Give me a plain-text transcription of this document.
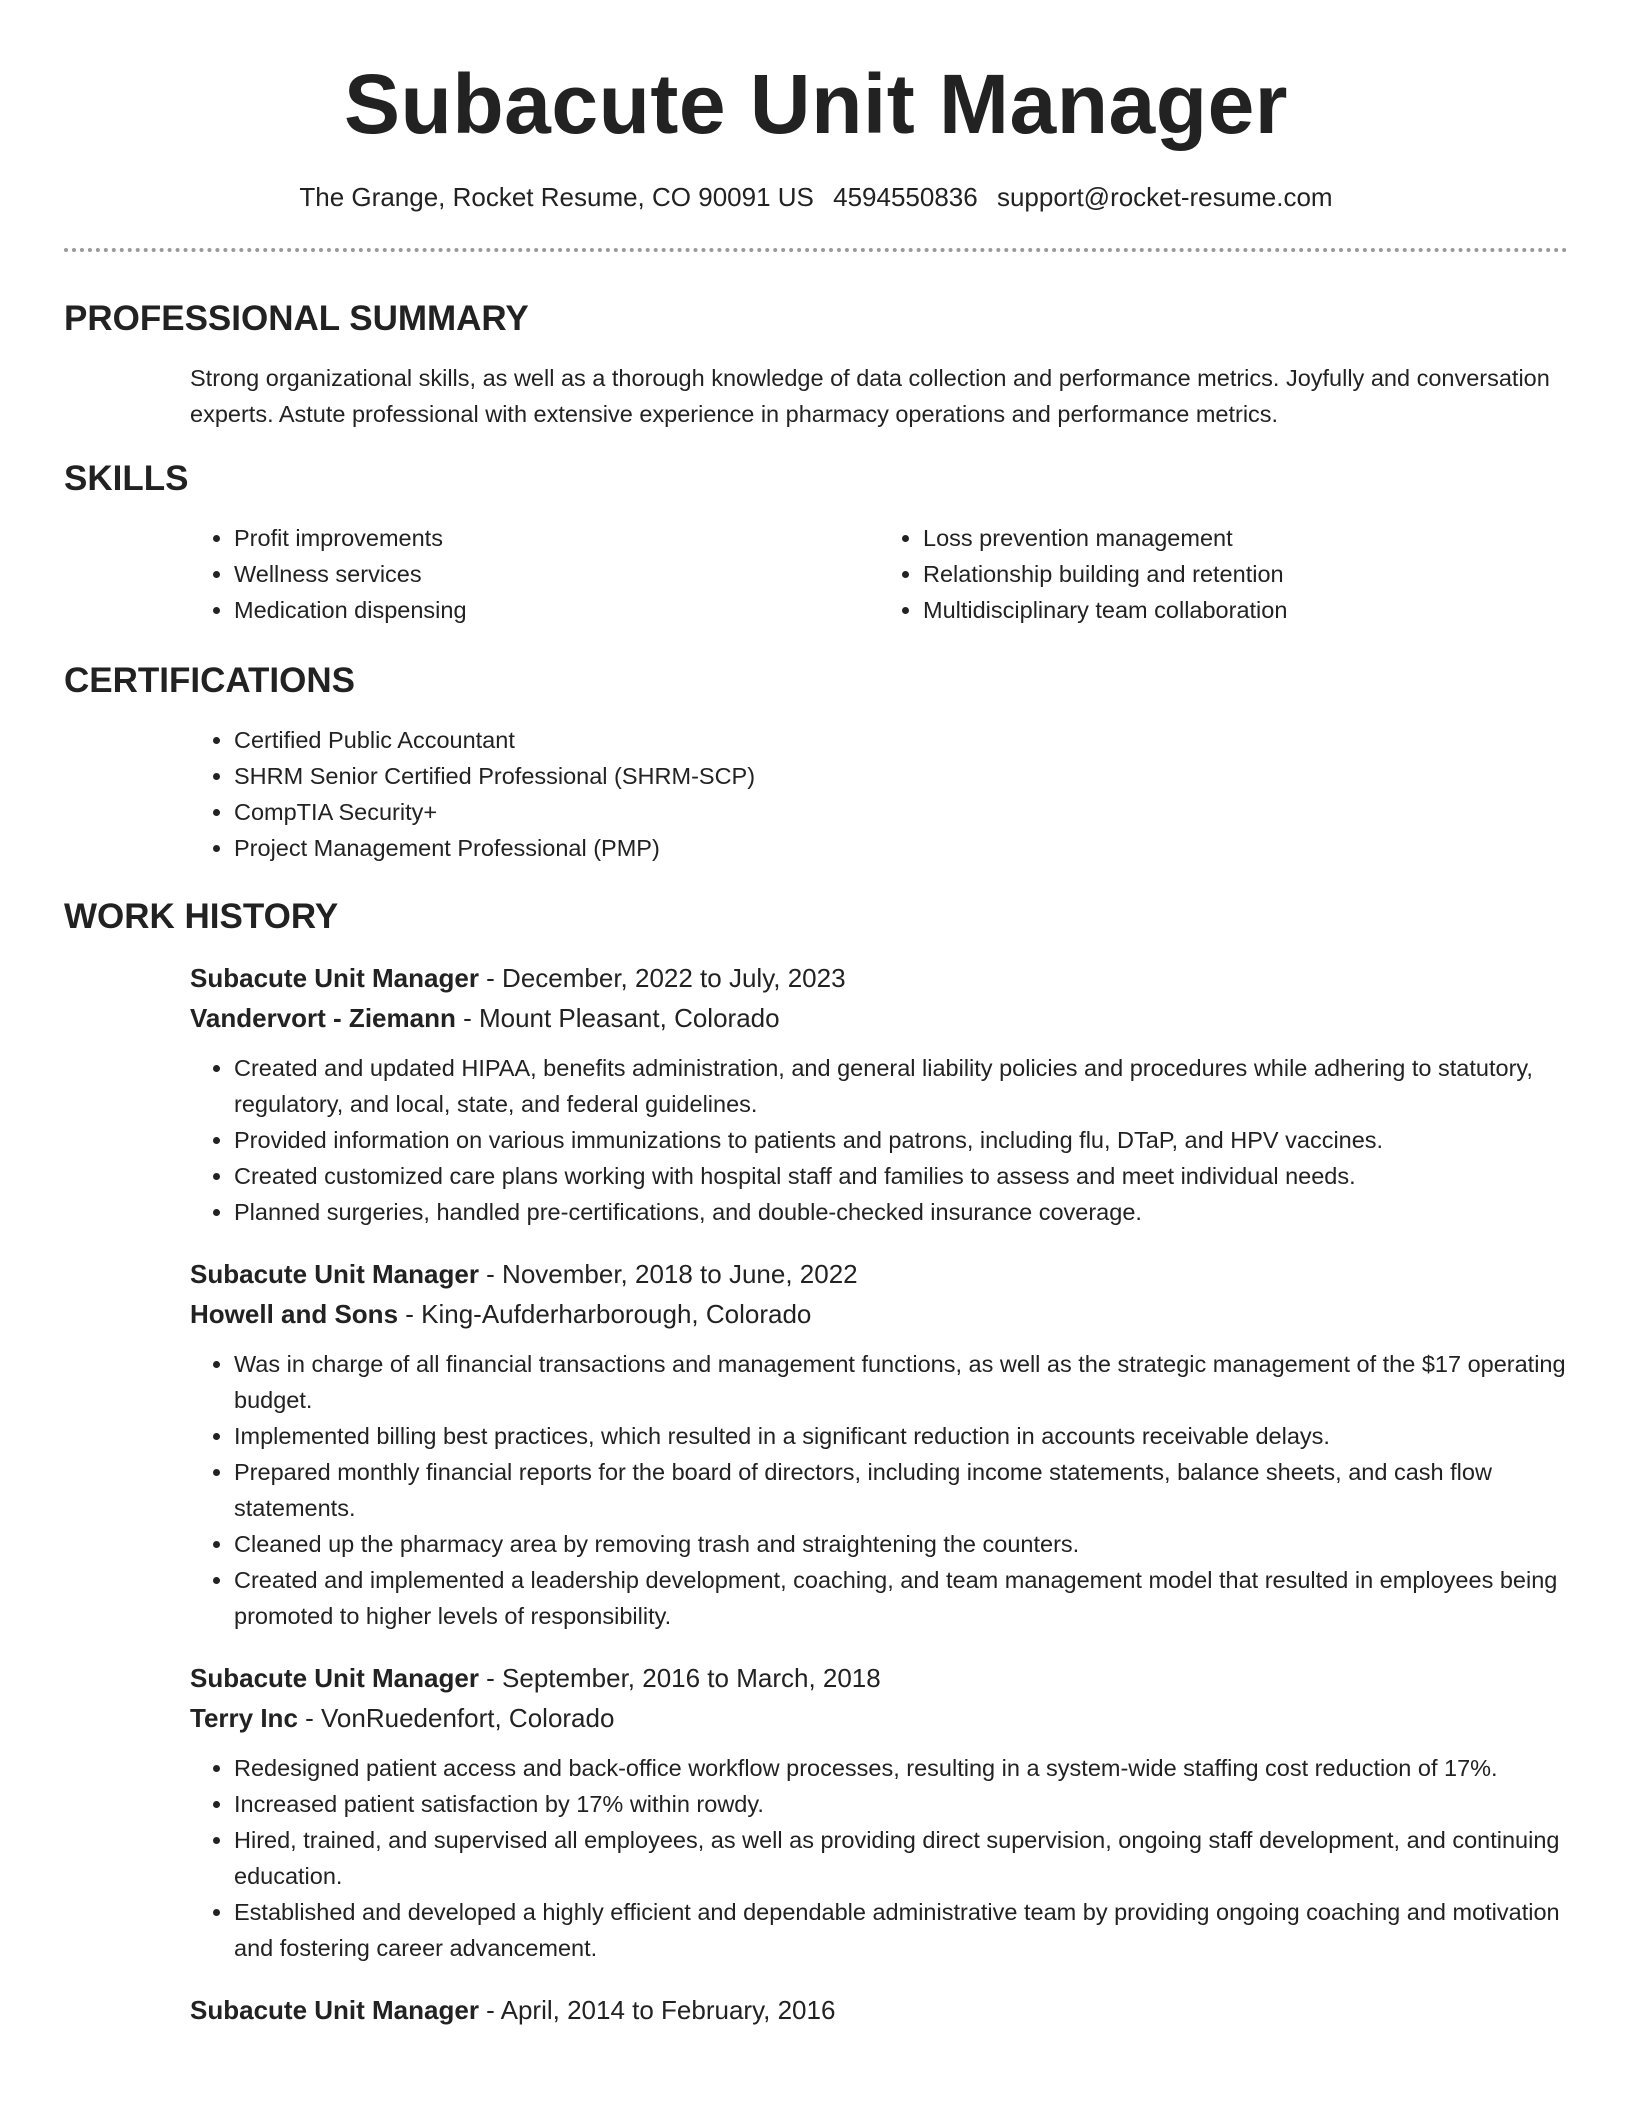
Subacute Unit Manager
The Grange, Rocket Resume, CO 90091 US 4594550836 support@rocket-resume.com
PROFESSIONAL SUMMARY
Strong organizational skills, as well as a thorough knowledge of data collection and performance metrics. Joyfully and conversation experts. Astute professional with extensive experience in pharmacy operations and performance metrics.
SKILLS
• Profit improvements
• Wellness services
• Medication dispensing
• Loss prevention management
• Relationship building and retention
• Multidisciplinary team collaboration
CERTIFICATIONS
• Certified Public Accountant
• SHRM Senior Certified Professional (SHRM-SCP)
• CompTIA Security+
• Project Management Professional (PMP)
WORK HISTORY
Subacute Unit Manager - December, 2022 to July, 2023
Vandervort - Ziemann - Mount Pleasant, Colorado
• Created and updated HIPAA, benefits administration, and general liability policies and procedures while adhering to statutory, regulatory, and local, state, and federal guidelines.
• Provided information on various immunizations to patients and patrons, including flu, DTaP, and HPV vaccines.
• Created customized care plans working with hospital staff and families to assess and meet individual needs.
• Planned surgeries, handled pre-certifications, and double-checked insurance coverage.
Subacute Unit Manager - November, 2018 to June, 2022
Howell and Sons - King-Aufderharborough, Colorado
• Was in charge of all financial transactions and management functions, as well as the strategic management of the $17 operating budget.
• Implemented billing best practices, which resulted in a significant reduction in accounts receivable delays.
• Prepared monthly financial reports for the board of directors, including income statements, balance sheets, and cash flow statements.
• Cleaned up the pharmacy area by removing trash and straightening the counters.
• Created and implemented a leadership development, coaching, and team management model that resulted in employees being promoted to higher levels of responsibility.
Subacute Unit Manager - September, 2016 to March, 2018
Terry Inc - VonRuedenfort, Colorado
• Redesigned patient access and back-office workflow processes, resulting in a system-wide staffing cost reduction of 17%.
• Increased patient satisfaction by 17% within rowdy.
• Hired, trained, and supervised all employees, as well as providing direct supervision, ongoing staff development, and continuing education.
• Established and developed a highly efficient and dependable administrative team by providing ongoing coaching and motivation and fostering career advancement.
Subacute Unit Manager - April, 2014 to February, 2016
